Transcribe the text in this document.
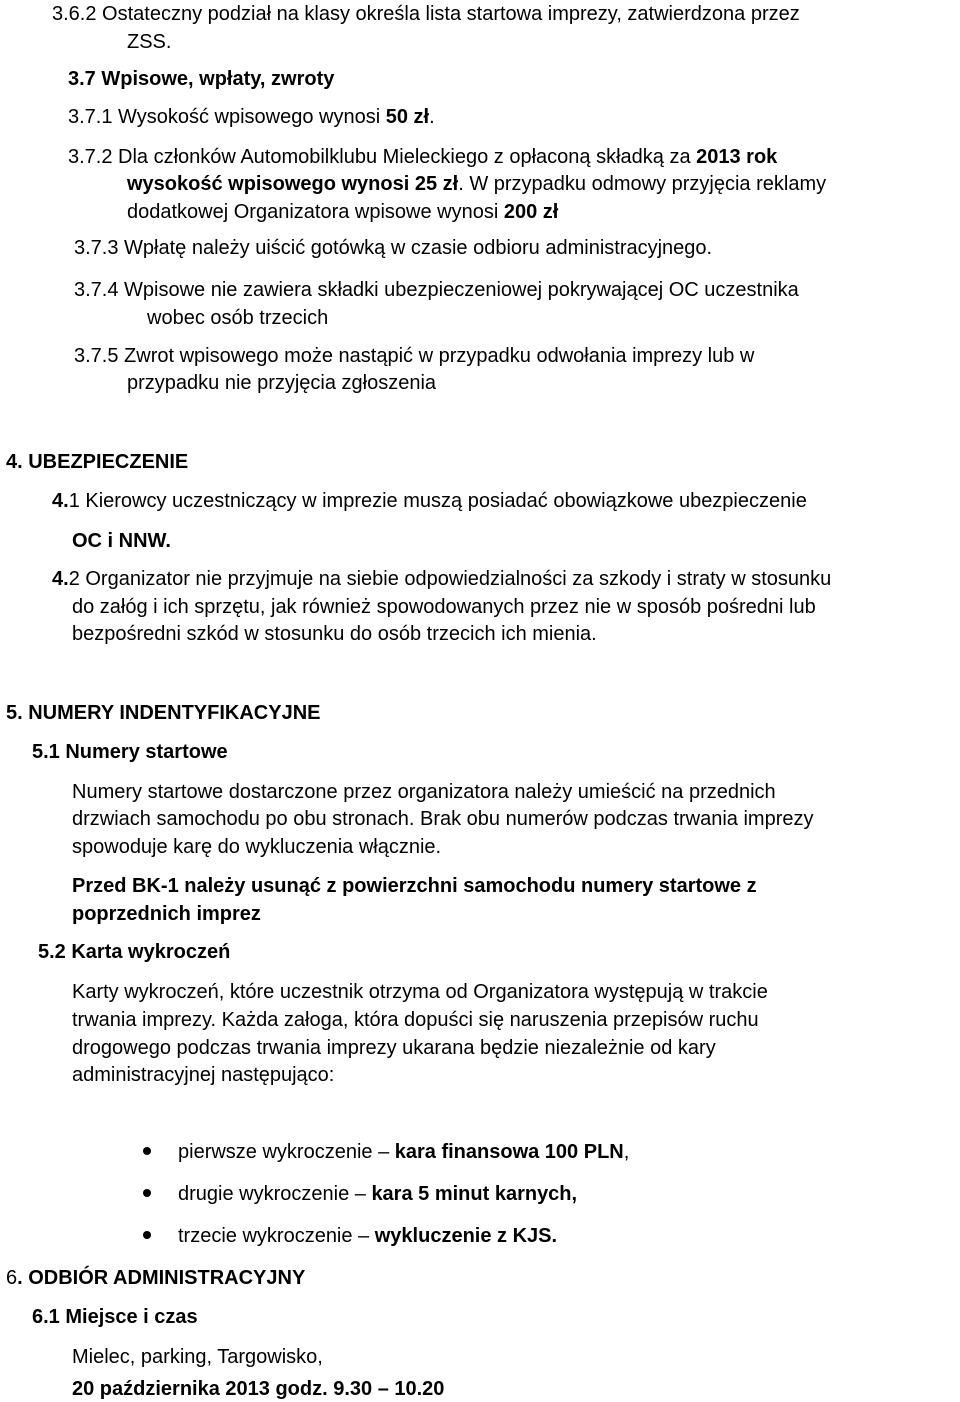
3.6.2 Ostateczny podział na klasy określa lista startowa imprezy, zatwierdzona przez
ZSS.
3.7 Wpisowe, wpłaty, zwroty
3.7.1 Wysokość wpisowego wynosi 50 zł.
3.7.2 Dla członków Automobilklubu Mieleckiego z opłaconą składką za 2013 rok
wysokość wpisowego wynosi 25 zł. W przypadku odmowy przyjęcia reklamy
dodatkowej Organizatora wpisowe wynosi 200 zł
3.7.3 Wpłatę należy uiścić gotówką w czasie odbioru administracyjnego.
3.7.4 Wpisowe nie zawiera składki ubezpieczeniowej pokrywającej OC uczestnika
wobec osób trzecich
3.7.5 Zwrot wpisowego może nastąpić w przypadku odwołania imprezy lub w
przypadku nie przyjęcia zgłoszenia
4. UBEZPIECZENIE
4.1 Kierowcy uczestniczący w imprezie muszą posiadać obowiązkowe ubezpieczenie
OC i NNW.
4.2 Organizator nie przyjmuje na siebie odpowiedzialności za szkody i straty w stosunku
do załóg i ich sprzętu, jak również spowodowanych przez nie w sposób pośredni lub
bezpośredni szkód w stosunku do osób trzecich ich mienia.
5. NUMERY INDENTYFIKACYJNE
5.1 Numery startowe
Numery startowe dostarczone przez organizatora należy umieścić na przednich
drzwiach samochodu po obu stronach. Brak obu numerów podczas trwania imprezy
spowoduje karę do wykluczenia włącznie.
Przed BK-1 należy usunąć z powierzchni samochodu numery startowe z
poprzednich imprez
5.2 Karta wykroczeń
Karty wykroczeń, które uczestnik otrzyma od Organizatora występują w trakcie
trwania imprezy. Każda załoga, która dopuści się naruszenia przepisów ruchu
drogowego podczas trwania imprezy ukarana będzie niezależnie od kary
administracyjnej następująco:
pierwsze wykroczenie – kara finansowa 100 PLN,
drugie wykroczenie – kara 5 minut karnych,
trzecie wykroczenie – wykluczenie z KJS.
6. ODBIÓR ADMINISTRACYJNY
6.1 Miejsce i czas
Mielec, parking, Targowisko,
20 października 2013 godz. 9.30 – 10.20
